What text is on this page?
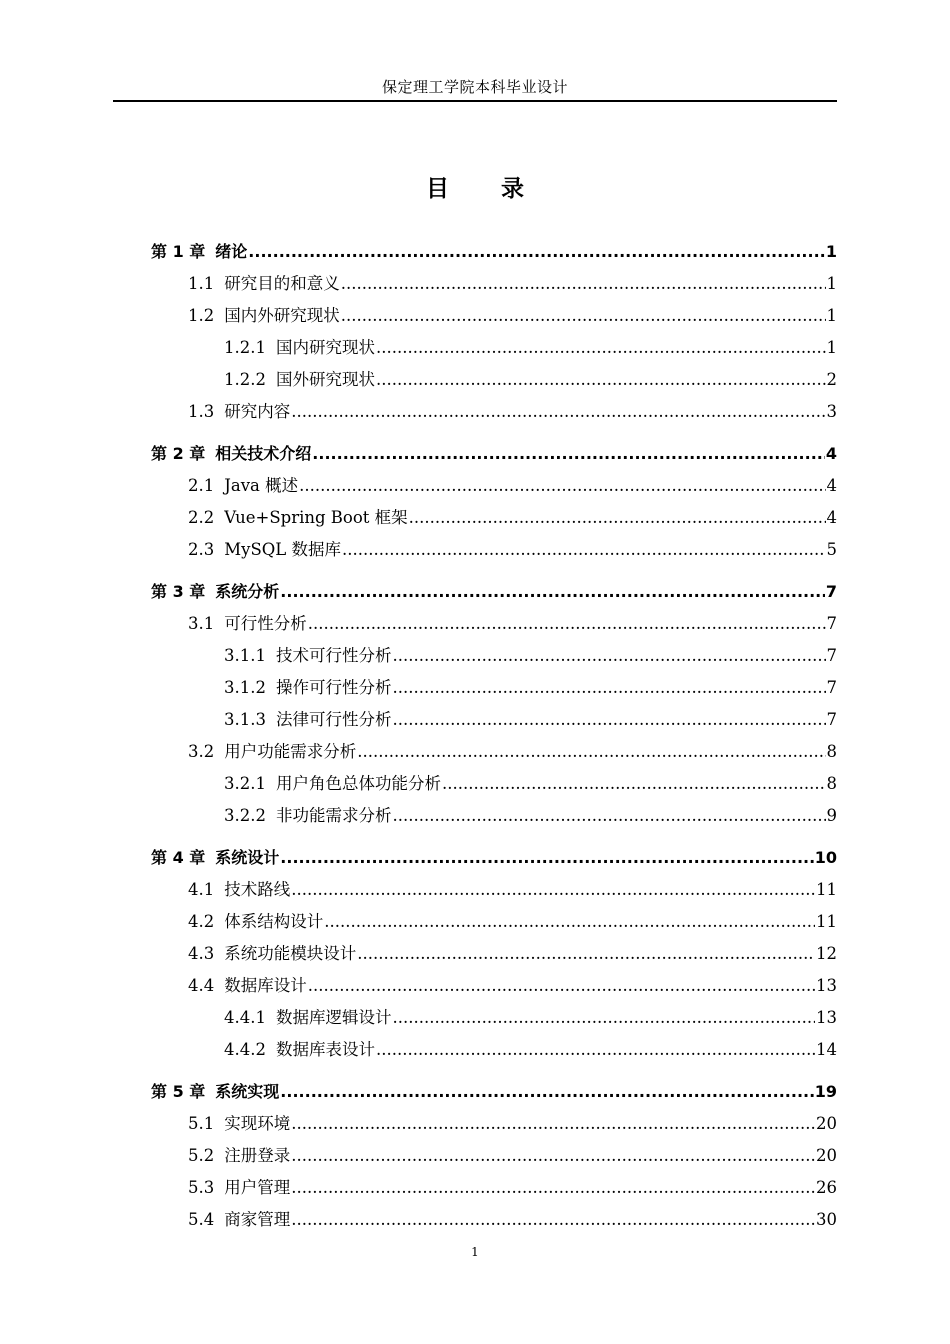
保定理工学院本科毕业设计
目 录
第 1 章 绪论 .....	1
1.1 研究目的和意义 .....	1
1.2 国内外研究现状 .....	1
1.2.1 国内研究现状 .....	1
1.2.2 国外研究现状 .....	2
1.3 研究内容 .....	3
第 2 章 相关技术介绍 .....	4
2.1 Java 概述 .....	4
2.2 Vue+Spring Boot 框架 .....	4
2.3 MySQL 数据库 .....	5
第 3 章 系统分析 .....	7
3.1 可行性分析 .....	7
3.1.1 技术可行性分析 .....	7
3.1.2 操作可行性分析 .....	7
3.1.3 法律可行性分析 .....	7
3.2 用户功能需求分析 .....	8
3.2.1 用户角色总体功能分析 .....	8
3.2.2 非功能需求分析 .....	9
第 4 章 系统设计 .....	10
4.1 技术路线 .....	11
4.2 体系结构设计 .....	11
4.3 系统功能模块设计 .....	12
4.4 数据库设计 .....	13
4.4.1 数据库逻辑设计 .....	13
4.4.2 数据库表设计 .....	14
第 5 章 系统实现 .....	19
5.1 实现环境 .....	20
5.2 注册登录 .....	20
5.3 用户管理 .....	26
5.4 商家管理 .....	30
1
